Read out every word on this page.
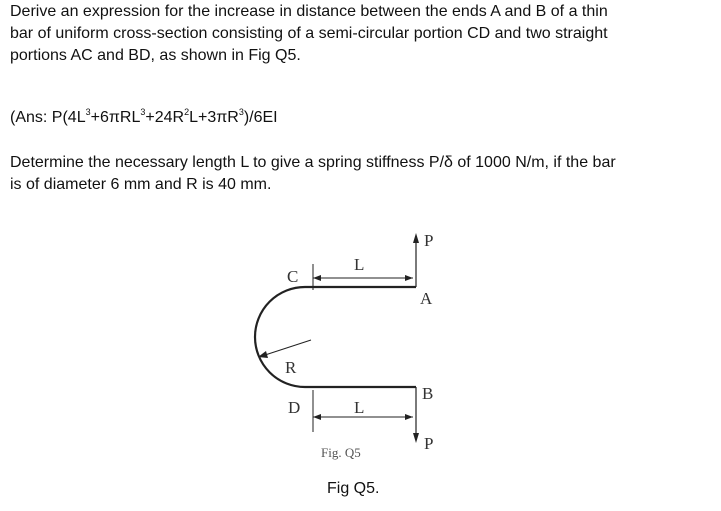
Derive an expression for the increase in distance between the ends A and B of a thin
bar of uniform cross-section consisting of a semi-circular portion CD and two straight
portions AC and BD, as shown in Fig Q5.

(Ans: $P(4L^3+6\pi RL^3+24R^2L+3\pi R^3)/6EI$

Determine the necessary length L to give a spring stiffness P/δ of 1000 N/m, if the bar
is of diameter 6 mm and R is 40 mm.

P
L
C
A
R
B
D	L
P
Fig. Q5
Fig Q5.
